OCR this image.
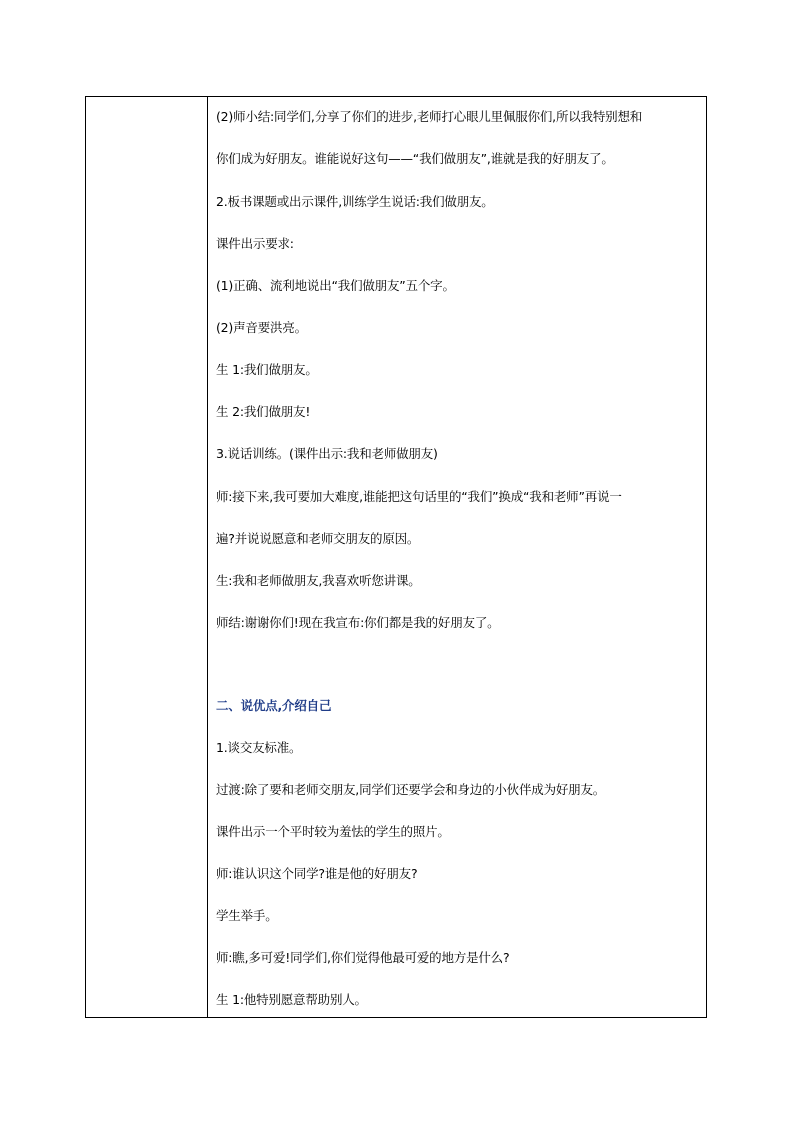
(2)师小结:同学们,分享了你们的进步,老师打心眼儿里佩服你们,所以我特别想和
你们成为好朋友。谁能说好这句——“我们做朋友”,谁就是我的好朋友了。
2.板书课题或出示课件,训练学生说话:我们做朋友。
课件出示要求:
(1)正确、流利地说出“我们做朋友”五个字。
(2)声音要洪亮。
生 1:我们做朋友。
生 2:我们做朋友!
3.说话训练。(课件出示:我和老师做朋友)
师:接下来,我可要加大难度,谁能把这句话里的“我们”换成“我和老师”再说一
遍?并说说愿意和老师交朋友的原因。
生:我和老师做朋友,我喜欢听您讲课。
师结:谢谢你们!现在我宣布:你们都是我的好朋友了。
二、说优点,介绍自己
1.谈交友标准。
过渡:除了要和老师交朋友,同学们还要学会和身边的小伙伴成为好朋友。
课件出示一个平时较为羞怯的学生的照片。
师:谁认识这个同学?谁是他的好朋友?
学生举手。
师:瞧,多可爱!同学们,你们觉得他最可爱的地方是什么?
生 1:他特别愿意帮助别人。
